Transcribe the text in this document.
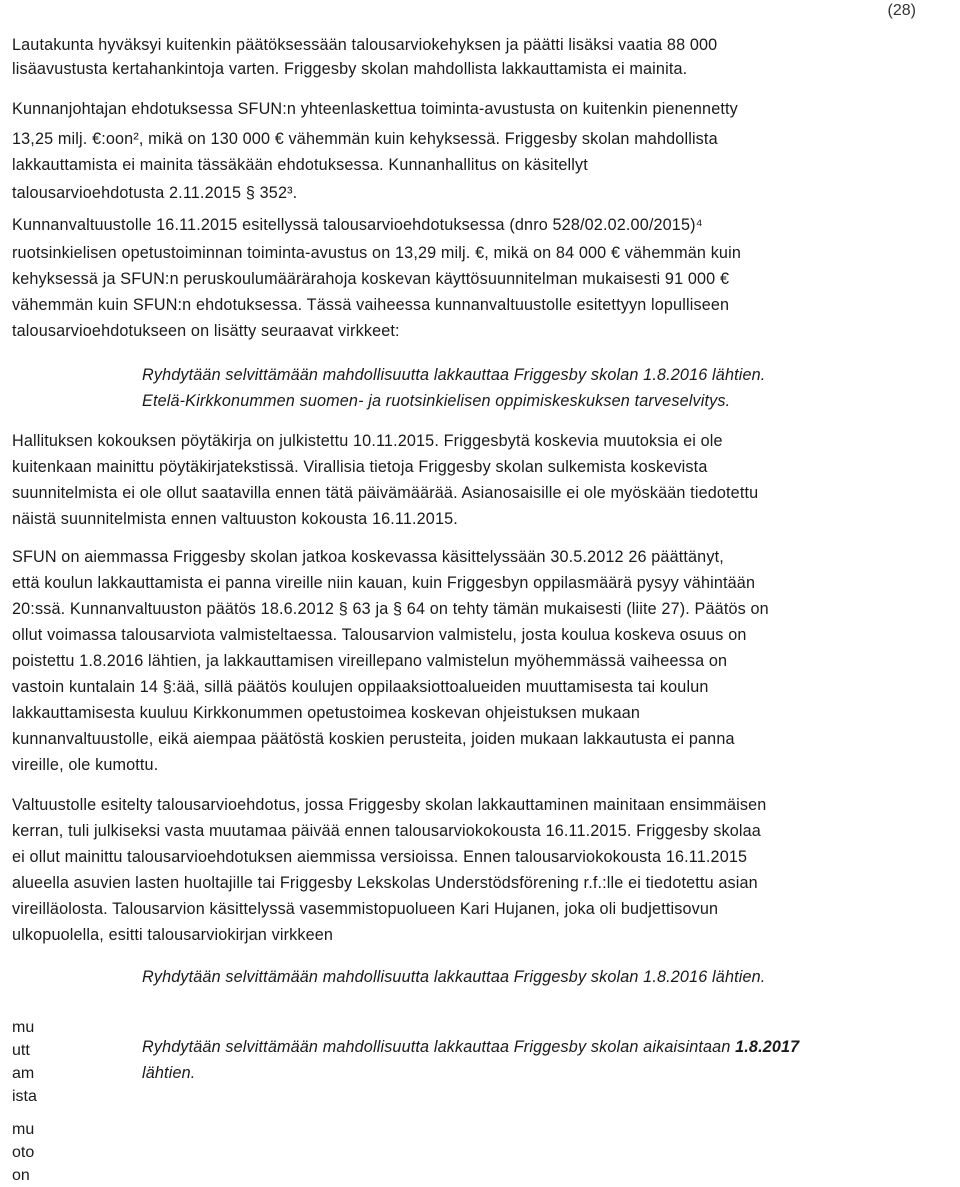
(28)
Lautakunta hyväksyi kuitenkin päätöksessään talousarviokehyksen ja päätti lisäksi vaatia 88 000
lisäavustusta kertahankintoja varten. Friggesby skolan mahdollista lakkauttamista ei mainita.
Kunnanjohtajan ehdotuksessa SFUN:n yhteenlaskettua toiminta-avustusta on kuitenkin pienennetty
13,25 milj. €:oon², mikä on 130 000 € vähemmän kuin kehyksessä. Friggesby skolan mahdollista
lakkauttamista ei mainita tässäkään ehdotuksessa. Kunnanhallitus on käsitellyt
talousarvioehdotusta 2.11.2015 § 352³.
Kunnanvaltuustolle 16.11.2015 esitellyssä talousarvioehdotuksessa (dnro 528/02.02.00/2015)⁴
ruotsinkielisen opetustoiminnan toiminta-avustus on 13,29 milj. €, mikä on 84 000 € vähemmän kuin
kehyksessä ja SFUN:n peruskoulumäärärahoja koskevan käyttösuunnitelman mukaisesti 91 000 €
vähemmän kuin SFUN:n ehdotuksessa. Tässä vaiheessa kunnanvaltuustolle esitettyyn lopulliseen
talousarvioehdotukseen on lisätty seuraavat virkkeet:
Ryhdytään selvittämään mahdollisuutta lakkauttaa Friggesby skolan 1.8.2016 lähtien.
Etelä-Kirkkonummen suomen- ja ruotsinkielisen oppimiskeskuksen tarveselvitys.
Hallituksen kokouksen pöytäkirja on julkistettu 10.11.2015. Friggesbytä koskevia muutoksia ei ole
kuitenkaan mainittu pöytäkirjatekstissä. Virallisia tietoja Friggesby skolan sulkemista koskevista
suunnitelmista ei ole ollut saatavilla ennen tätä päivämäärää. Asianosaisille ei ole myöskään tiedotettu
näistä suunnitelmista ennen valtuuston kokousta 16.11.2015.
SFUN on aiemmassa Friggesby skolan jatkoa koskevassa käsittelyssään 30.5.2012 26 päättänyt,
että koulun lakkauttamista ei panna vireille niin kauan, kuin Friggesbyn oppilasmäärä pysyy vähintään
20:ssä. Kunnanvaltuuston päätös 18.6.2012 § 63 ja § 64 on tehty tämän mukaisesti (liite 27). Päätös on
ollut voimassa talousarviota valmisteltaessa. Talousarvion valmistelu, josta koulua koskeva osuus on
poistettu 1.8.2016 lähtien, ja lakkauttamisen vireillepano valmistelun myöhemmässä vaiheessa on
vastoin kuntalain 14 §:ää, sillä päätös koulujen oppilaaksiottoalueiden muuttamisesta tai koulun
lakkauttamisesta kuuluu Kirkkonummen opetustoimea koskevan ohjeistuksen mukaan
kunnanvaltuustolle, eikä aiempaa päätöstä koskien perusteita, joiden mukaan lakkautusta ei panna
vireille, ole kumottu.
Valtuustolle esitelty talousarvioehdotus, jossa Friggesby skolan lakkauttaminen mainitaan ensimmäisen
kerran, tuli julkiseksi vasta muutamaa päivää ennen talousarviokokousta 16.11.2015. Friggesby skolaa
ei ollut mainittu talousarvioehdotuksen aiemmissa versioissa. Ennen talousarviokokousta 16.11.2015
alueella asuvien lasten huoltajille tai Friggesby Lekskolas Understödsförening r.f.:lle ei tiedotettu asian
vireilläolosta. Talousarvion käsittelyssä vasemmistopuolueen Kari Hujanen, joka oli budjettisovun
ulkopuolella, esitti talousarviokirjan virkkeen
Ryhdytään selvittämään mahdollisuutta lakkauttaa Friggesby skolan 1.8.2016 lähtien.
Ryhdytään selvittämään mahdollisuutta lakkauttaa Friggesby skolan aikaisintaan 1.8.2017
lähtien.
mu
utt
am
ista
mu
oto
on
